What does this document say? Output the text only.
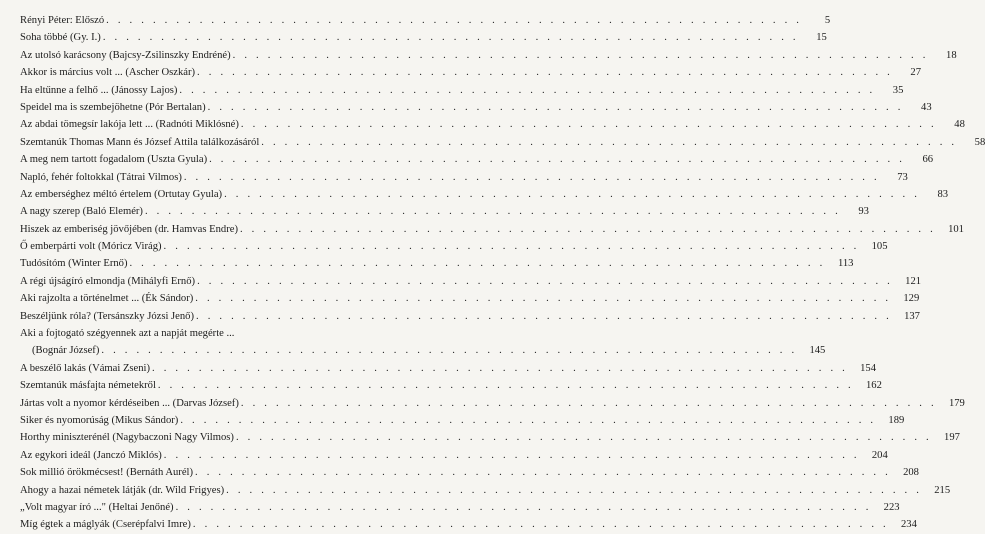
Rényi Péter: Előszó . . .	5
Soha többé (Gy. I.) . . .	15
Az utolsó karácsony (Bajcsy-Zsilinszky Endréné) . . .	18
Akkor is március volt ... (Ascher Oszkár) . . .	27
Ha eltűnne a felhő ... (Jánossy Lajos) . . .	35
Speidel ma is szembejöhetne (Pór Bertalan) . . .	43
Az abdai tömegsír lakója lett ... (Radnóti Miklósné) . . .	48
Szemtanúk Thomas Mann és József Attila találkozásáról . . .	58
A meg nem tartott fogadalom (Uszta Gyula) . . .	66
Napló, fehér foltokkal (Tátrai Vilmos) . . .	73
Az emberséghez méltó értelem (Ortutay Gyula) . . .	83
A nagy szerep (Baló Elemér) . . .	93
Hiszek az emberiség jövőjében (dr. Hamvas Endre) . . .	101
Ő emberpárti volt (Móricz Virág) . . .	105
Tudósítóm (Winter Ernő) . . .	113
A régi újságíró elmondja (Mihályfi Ernő) . . .	121
Aki rajzolta a történelmet ... (Ék Sándor) . . .	129
Beszéljünk róla? (Tersánszky Józsi Jenő) . . .	137
Aki a fojtogató szégyennek azt a napját megérte ...
(Bognár József) . . .	145
A beszélő lakás (Vámai Zseni) . . .	154
Szemtanúk másfajta németekről . . .	162
Jártas volt a nyomor kérdéseiben ... (Darvas József) . . .	179
Siker és nyomorúság (Mikus Sándor) . . .	189
Horthy miniszterénél (Nagybaczoni Nagy Vilmos) . . .	197
Az egykori ideál (Janczó Miklós) . . .	204
Sok millió örökmécsest! (Bernáth Aurél) . . .	208
Ahogy a hazai németek látják (dr. Wild Frigyes) . . .	215
„Volt magyar író ..." (Heltai Jenőné) . . .	223
Míg égtek a máglyák (Cserépfalvi Imre) . . .	234
